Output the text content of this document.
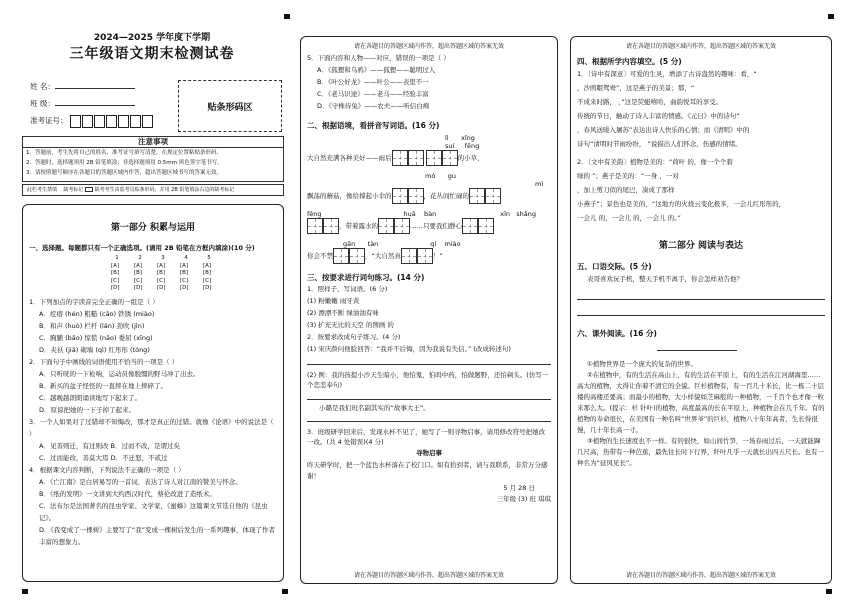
2024—2025 学年度下学期
三年级语文期末检测试卷
姓 名：
班 级：
准考证号：
贴条形码区
注意事项
1．答题前，考生先将自己的姓名、准考证号填写清楚，在规定位置粘贴条形码。
2．答题时，选择题须用 2B 铅笔填涂；非选择题须用 0.5mm 黑色签字笔书写。
3．请按照题号顺序在各题目的答题区域内作答，超出答题区域书写的答案无效。
此栏考生禁填 缺考标记 缺考考生由监考员贴条形码，并用 2B 铅笔填涂右边的缺考标记
第一部分 积累与运用
一、选择题。每题都只有一个正确选项。(请用 2B 铅笔在方框内填涂)(10 分)
1	2	3	4	5
[A]	[A]	[A]	[A]	[A]
[B]	[B]	[B]	[B]	[B]
[C]	[C]	[C]	[C]	[C]
[D]	[D]	[D]	[D]	[D]
1．下列加点的字读音完全正确的一组是（ ）
A．疙瘩 (hén) 粗糙 (cāo) 铁锈 (miào)
B．和声 (huò) 栏杆 (lán) 劲吹 (jìn)
C．胸脯 (bǎo) 惊慌 (nāo) 委屈 (xīng)
D．夹袄 (jiá) 砌墙 (qì) 红彤彤 (tóng)
2．下面句子中画线的词语使用不恰当的一项是（ ）
A．只听咣的一下枪响，运动员像脱缰的野马冲了出去。
B．新买的盆子怪怪的一直摔在地上摔碎了。
C．越晚越朗朗诵读地写下起来了。
D．原谅把她的一下子掉了起来。
3．一个人如果对了过错却不知悔改，那才是真正的过错。就像《论语》中的说法是（ ）
A．见善则迁，有过则改 B．过而不改，是谓过矣
C．过而能改，善莫大焉 D．不迁怒，不贰过
4．根据课文内容判断，下列说法不正确的一项是（ ）
A．《亡江南》是白居易写的一首词，表达了诗人对江南的赞美与怀念。
B．《纸的发明》一文讲到大约西汉时代，蔡伦改进了造纸术。
C．法布尔是法国著名的昆虫学家、文学家，《蜜蜂》这篇课文节选自他的《昆虫记》。
D．《我变成了一棵树》主要写了“我”变成一棵树后发生的一系列趣事，体现了作者丰富的想象力。
请在各题目的答题区域内作答，超出答题区域的答案无效
5．下面内容和人物——对应，错误的一项是（ ）
A．《狐狸和乌鸦》——狐狸——聪明过人
B．《叶公好龙》——叶公——表里不一
C．《老马识途》——老马——经验丰富
D．《守株待兔》——农夫——听信白痴
二、根据语境，看拼音写词语。(16 分)
lì xǐngsuí fēng
大自然充满各种美好——雨后	的小草，
mó gumì
飘荡的蘑菇，像给撑起小伞的	，花丛间忙碌的
fēng	huā bàn	xīn shǎng
，带着露水的	……只要我们静心
gǎn tàn	qí miào
你会不禁	，“大自然真	！”
三、按要求进行词句练习。(14 分)
1．照样子，写词语。(6 分)
(1) 粉嫩嫩 雨牙黄
(2) 漂漂不断 绿油油有味
(3) 扩充无比的天空 的图画 的
2．按要求改成句子练习。(4 分)
(1) 宋庆龄问他脸回答：“我并不后悔，因为我说有失信。” (改成转述句)
(2) 例：我的孩提小沙天生暗小，他怕鬼，怕吗中药，怕做题野，还怕剃头。(仿写一个恋恋奉句)
小璐是我们班名副其实的“故事大王”。
3．班级研学回来后，发现水杯不见了，她写了一则寻物启事，请用修改符号把她改一改。(共 4 处错误)(4 分)
寻物启事
昨天研学时，把一个蓝色水杯落在了校门口。如有拾到者，请与我联系，非常万分感谢！
5 月 28 日
三年级 (3) 班 琪琪
请在各题目的答题区域内作答，超出答题区域的答案无效
请在各题目的答题区域内作答，超出答题区域的答案无效
四、根据所学内容填空。(5 分)
1．〔诗中有深意〕可爱的生灵，增添了古诗盎然的趣味：看，“
，沙鸥眠鸳鸯”，这是燕子的美景；那，“
不成来时路， ，”这是荧蜓嘻哈，曲韵悦耳的享受。
传统的节日，触动了诗人丰富的情感。《元日》中的诗句“
，春风送暖入屠苏”表达出诗人快乐的心情；而《清明》中的
诗句“清明时节雨纷纷， ”说描出人们怀念、伤感的情绪。
2．〔文中有美韵〕植物是美的：“荷叶 的，像一个个碧
绿的 ”；燕子是美的：“一身 ，一对
，加上剪刀似的尾巴，凑成了那样
小燕子”；景色也是美的，“这地方的火烧云变化极多，一会儿红彤彤的，
一会儿 的，一会儿 的，一会儿 的。”
第二部分 阅读与表达
五、口语交际。(5 分)
表哥喜欢玩手机，整天手机不离手，你会怎样劝告他？

六、课外阅读。(16 分)
①植物世界是一个庞大的复杂的世界。
②在植物中，有的生活在高山上，有的生活在平原上，有的生活在江河湖海里……高大的植物，大得让你着不清它的全貌。巨杉植物有，有一百几十米长，比一栋二十层楼的高楼还要高；而最小的植物，大小样貌如芝麻般的一种植物，一千百个也才像一粒米那么大。(提示：杉 针叶)的植物，高度最高的长在平原上，种植物会在几千年。有的植物的寿命很长，在美国有一种名叫“世界爷”的巨杉，植物八十年年高者，生长得很慢，几十年长高一寸。
③植物的生长速度也不一样。有的很快，如山间竹笋，一场春雨过后，一天就能蹿几尺高，热带有一种芭蕉，最先往长时下行界，纤叶几乎一天就长出四五尺长。也有一种名为“延风见长”。
请在各题目的答题区域内作答，超出答题区域的答案无效
